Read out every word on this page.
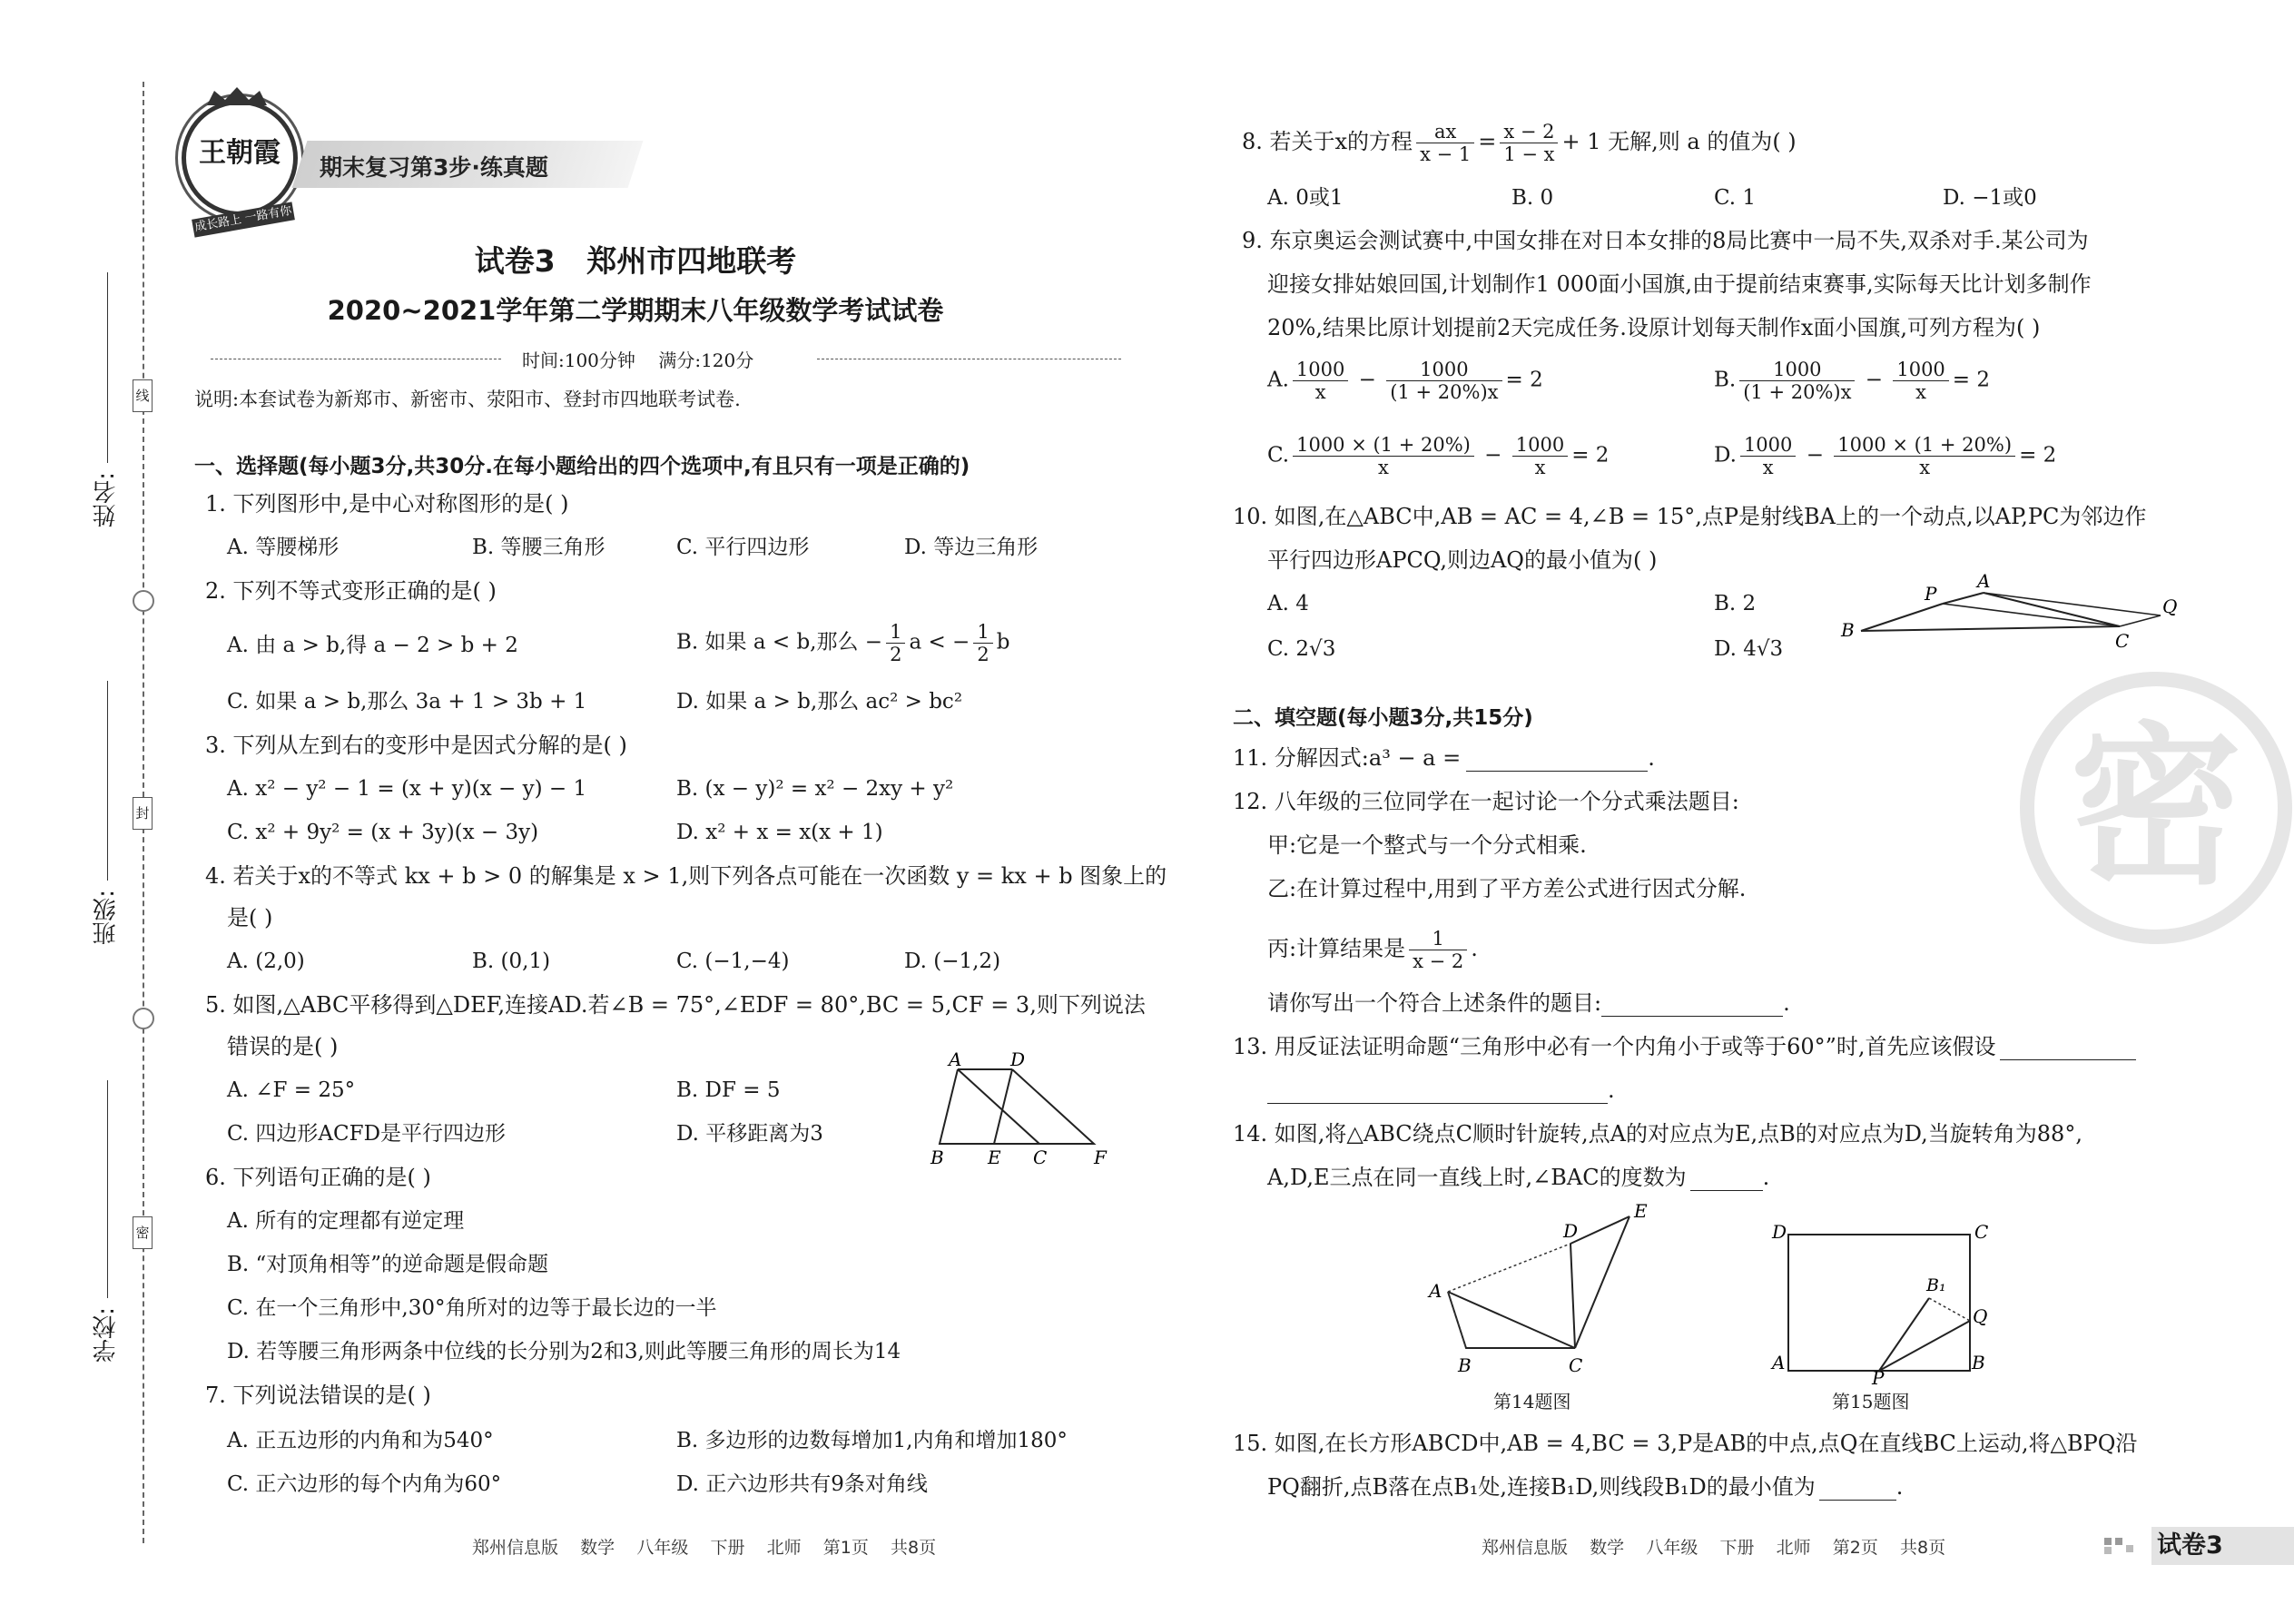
姓名:
班级:
学校:
线
封
密
王朝霞
成长路上 一路有你
期末复习第3步·练真题
试卷3   郑州市四地联考
2020~2021学年第二学期期末八年级数学考试试卷
时间:100分钟    满分:120分
说明:本套试卷为新郑市、新密市、荥阳市、登封市四地联考试卷.
一、选择题(每小题3分,共30分.在每小题给出的四个选项中,有且只有一项是正确的)
1. 下列图形中,是中心对称图形的是( )
A. 等腰梯形	B. 等腰三角形	C. 平行四边形	D. 等边三角形
2. 下列不等式变形正确的是( )
A. 由 a > b,得 a − 2 > b + 2	B. 如果 a < b,那么 − $\frac{1}{2}$ a < − $\frac{1}{2}$ b
C. 如果 a > b,那么 3a + 1 > 3b + 1	D. 如果 a > b,那么 ac² > bc²
3. 下列从左到右的变形中是因式分解的是( )
A. x² − y² − 1 = (x + y)(x − y) − 1	B. (x − y)² = x² − 2xy + y²
C. x² + 9y² = (x + 3y)(x − 3y)	D. x² + x = x(x + 1)
4. 若关于x的不等式 kx + b > 0 的解集是 x > 1,则下列各点可能在一次函数 y = kx + b 图象上的
是( )
A. (2,0)	B. (0,1)	C. (−1,−4)	D. (−1,2)
5. 如图,△ABC平移得到△DEF,连接AD.若∠B = 75°,∠EDF = 80°,BC = 5,CF = 3,则下列说法
错误的是( )
A. ∠F = 25°	B. DF = 5
C. 四边形ACFD是平行四边形	D. 平移距离为3
A	D
B E C	F
6. 下列语句正确的是( )
A. 所有的定理都有逆定理
B. “对顶角相等”的逆命题是假命题
C. 在一个三角形中,30°角所对的边等于最长边的一半
D. 若等腰三角形两条中位线的长分别为2和3,则此等腰三角形的周长为14
7. 下列说法错误的是( )
A. 正五边形的内角和为540°	B. 多边形的边数每增加1,内角和增加180°
C. 正六边形的每个内角为60°	D. 正六边形共有9条对角线
郑州信息版    数学    八年级    下册    北师    第1页    共8页
密
8. 若关于x的方程 $\frac{ax}{x - 1} = \frac{x - 2}{1 - x} + 1$ 无解,则 a 的值为( )
A. 0或1	B. 0	C. 1	D. −1或0
9. 东京奥运会测试赛中,中国女排在对日本女排的8局比赛中一局不失,双杀对手.某公司为
迎接女排姑娘回国,计划制作1 000面小国旗,由于提前结束赛事,实际每天比计划多制作
20%,结果比原计划提前2天完成任务.设原计划每天制作x面小国旗,可列方程为( )
A. $\frac{1000}{x} - \frac{1000}{(1 + 20\%)x} = 2$	B. $\frac{1000}{(1 + 20\%)x} - \frac{1000}{x} = 2$
C. $\frac{1000 \times (1 + 20\%)}{x} - \frac{1000}{x} = 2$	D. $\frac{1000}{x} - \frac{1000 \times (1 + 20\%)}{x} = 2$
10. 如图,在△ABC中,AB = AC = 4,∠B = 15°,点P是射线BA上的一个动点,以AP,PC为邻边作
平行四边形APCQ,则边AQ的最小值为( )
A. 4	B. 2
C. 2√3	D. 4√3
P
A
Q
B	C
二、填空题(每小题3分,共15分)
11. 分解因式:a³ − a =	.
12. 八年级的三位同学在一起讨论一个分式乘法题目:
甲:它是一个整式与一个分式相乘.
乙:在计算过程中,用到了平方差公式进行因式分解.
丙:计算结果是 $\frac{1}{x - 2}$ .
请你写出一个符合上述条件的题目:	.
13. 用反证法证明命题“三角形中必有一个内角小于或等于60°”时,首先应该假设
.
14. 如图,将△ABC绕点C顺时针旋转,点A的对应点为E,点B的对应点为D,当旋转角为88°,
A,D,E三点在同一直线上时,∠BAC的度数为	.
D
E
A
B	C
第14题图
D	C
B₁
Q
A
P
B
第15题图
15. 如图,在长方形ABCD中,AB = 4,BC = 3,P是AB的中点,点Q在直线BC上运动,将△BPQ沿
PQ翻折,点B落在点B₁处,连接B₁D,则线段B₁D的最小值为	.
郑州信息版    数学    八年级    下册    北师    第2页    共8页	试卷3
